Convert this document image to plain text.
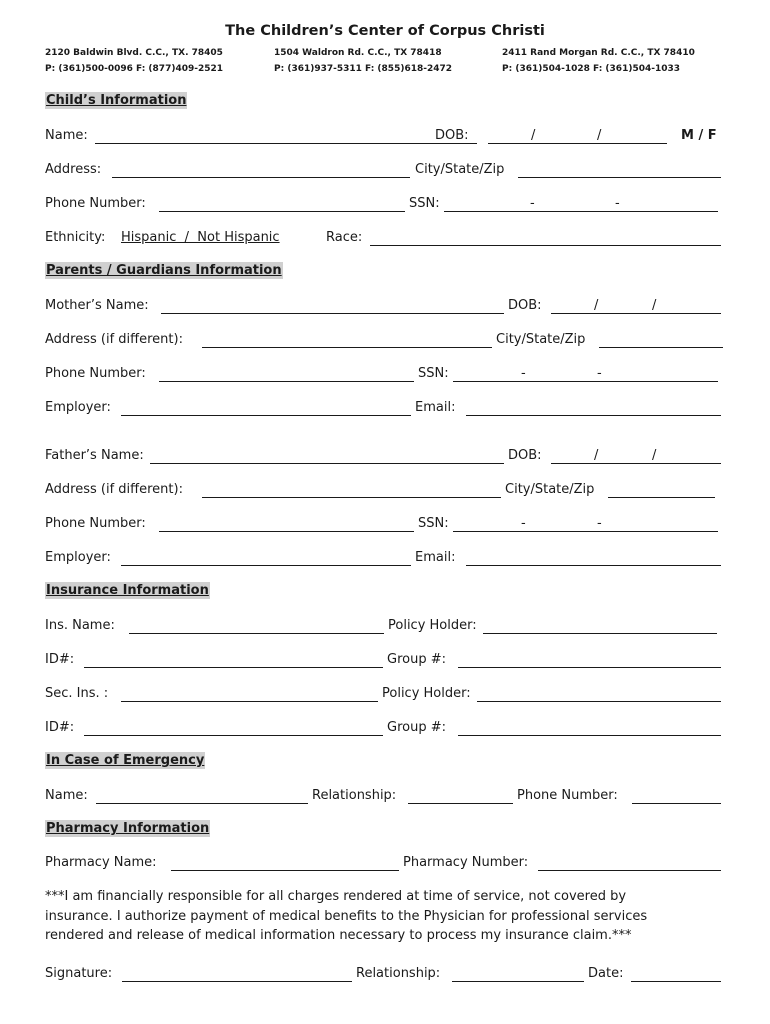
The Children’s Center of Corpus Christi
2120 Baldwin Blvd. C.C., TX. 78405
P: (361)500-0096 F: (877)409-2521
1504 Waldron Rd. C.C., TX 78418
P: (361)937-5311 F: (855)618-2472
2411 Rand Morgan Rd. C.C., TX 78410
P: (361)504-1028 F: (361)504-1033
Child’s Information
Name:	DOB:	/	/	M / F
Address:	City/State/Zip
Phone Number:	SSN:	-	-
Ethnicity: Hispanic  /  Not Hispanic	Race:
Parents / Guardians Information
Mother’s Name:	DOB:	/	/
Address (if different):	City/State/Zip
Phone Number:	SSN:	-	-
Employer:	Email:
Father’s Name:	DOB:	/	/
Address (if different):	City/State/Zip
Phone Number:	SSN:	-	-
Employer:	Email:
Insurance Information
Ins. Name:	Policy Holder:
ID#:	Group #:
Sec. Ins. :	Policy Holder:
ID#:	Group #:
In Case of Emergency
Name:	Relationship:	Phone Number:
Pharmacy Information
Pharmacy Name:	Pharmacy Number:
***I am financially responsible for all charges rendered at time of service, not covered by
insurance. I authorize payment of medical benefits to the Physician for professional services
rendered and release of medical information necessary to process my insurance claim.***
Signature:	Relationship:	Date:
